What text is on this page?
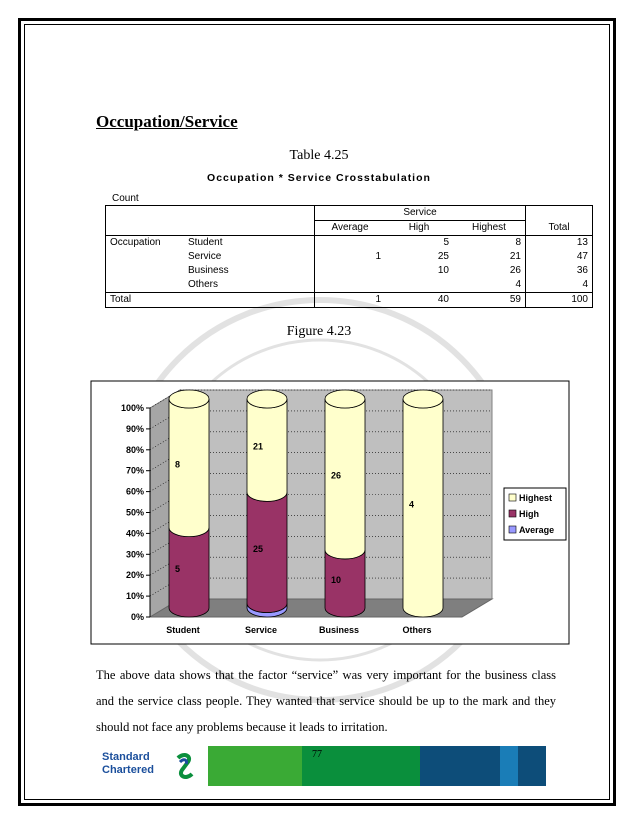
Occupation/Service
Table 4.25
Occupation * Service Crosstabulation
Count
			Service			
			Average	High	Highest	Total
Occupation	Student			5	8	13
	Service		1	25	21	47
	Business			10	26	36
	Others				4	4
Total			1	40	59	100
Figure 4.23
0%
10%
20%
30%
40%
50%
60%
70%
80%
90%
100%
5
8
Student
25
21
Service
10
26
Business
4
Others
Highest
High
Average
The above data shows that the factor “service” was very important for the business class and the service class people. They wanted that service should be up to the mark and they should not face any problems because it leads to irritation.
Standard
Chartered
77
